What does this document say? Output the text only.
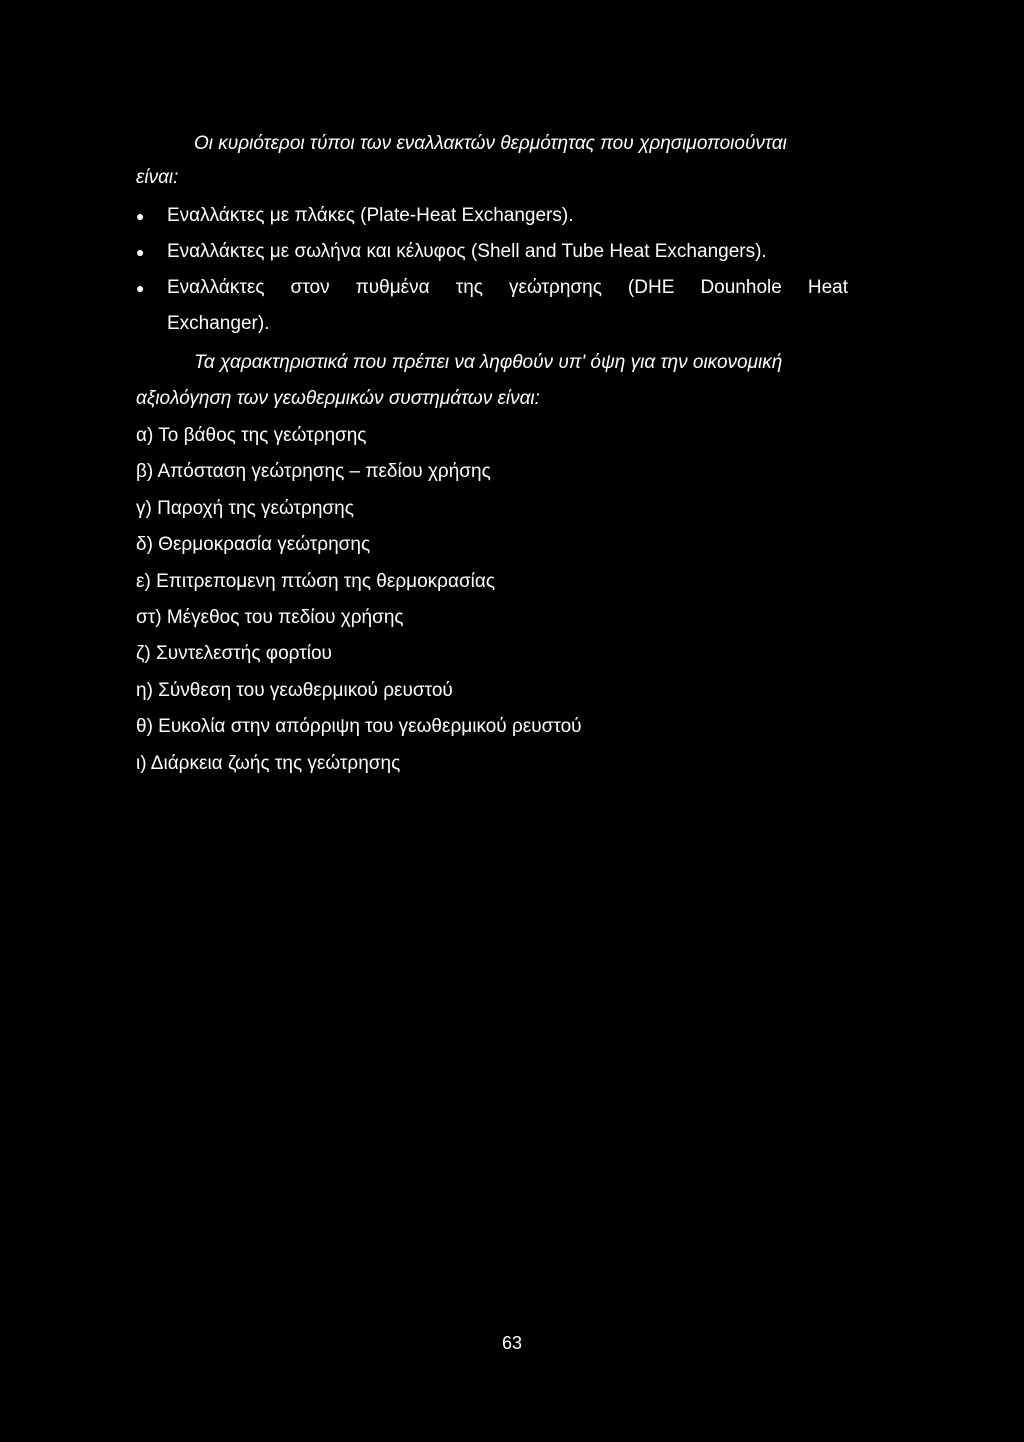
Οι κυριότεροι τύποι των εναλλακτών θερμότητας που χρησιμοποιούνται
είναι:
●	Εναλλάκτες με πλάκες (Plate-Heat Exchangers).
●	Εναλλάκτες με σωλήνα και κέλυφος (Shell and Tube Heat Exchangers).
●	Εναλλάκτες στον πυθμένα της γεώτρησης (DHE Dounhole Heat
Exchanger).
Τα χαρακτηριστικά που πρέπει να ληφθούν υπ' όψη για την οικονομική
αξιολόγηση των γεωθερμικών συστημάτων είναι:
α) Το βάθος της γεώτρησης
β) Απόσταση γεώτρησης – πεδίου χρήσης
γ) Παροχή της γεώτρησης
δ) Θερμοκρασία γεώτρησης
ε) Επιτρεπομενη πτώση της θερμοκρασίας
στ) Μέγεθος του πεδίου χρήσης
ζ) Συντελεστής φορτίου
η) Σύνθεση του γεωθερμικού ρευστού
θ) Ευκολία στην απόρριψη του γεωθερμικού ρευστού
ι) Διάρκεια ζωής της γεώτρησης
63
